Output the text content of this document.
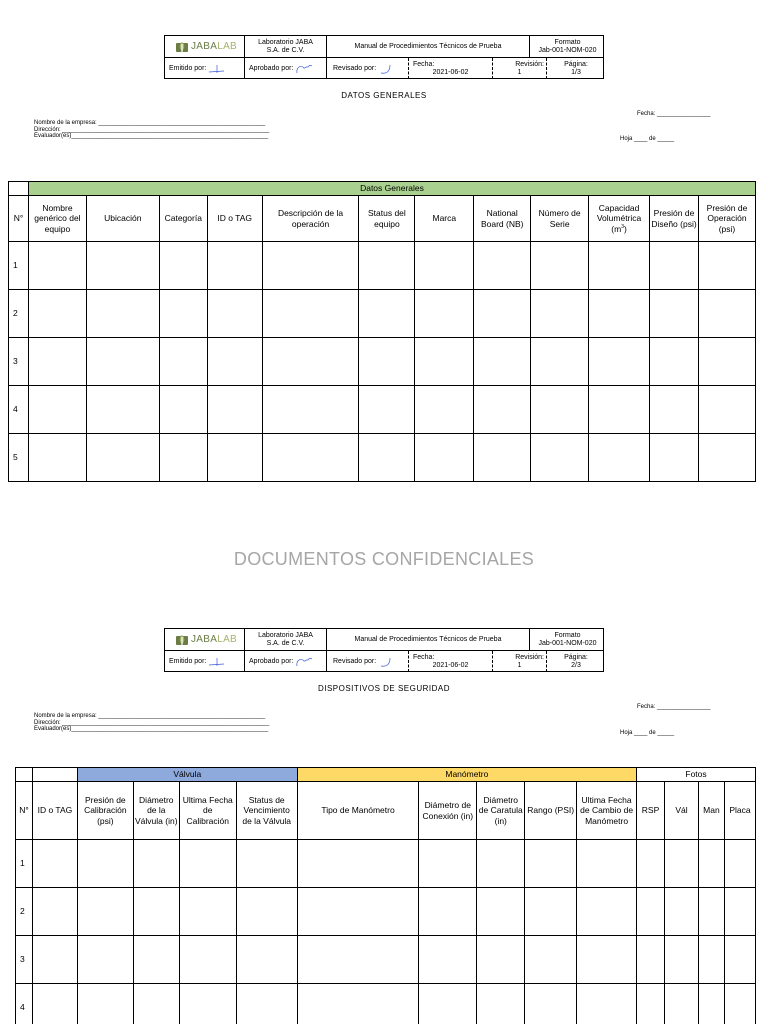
JABALAB	Laboratorio JABA
S.A. de C.V.
Manual de Procedimientos Técnicos de Prueba
Formato
Jab-001-NOM-020
Emitido por:	Aprobado por:	Revisado por:
Fecha:
2021-06-02
Revisión:
1
Página:
1/3
DATOS GENERALES
Fecha: ________________
Nombre de la empresa: __________________________________________________
Dirección: ______________________________________________________________
Evaluador(es)___________________________________________________________	Hoja ____ de _____
	Datos Generales											
N°	Nombre genérico del equipo	Ubicación	Categoría	ID o TAG	Descripción de la operación	Status del equipo	Marca	National Board (NB)	Número de Serie	Capacidad Volumétrica $(m^3)$	Presión de Diseño (psi)	Presión de Operación (psi)
1												
2												
3												
4												
5												
DOCUMENTOS CONFIDENCIALES
JABALAB	Laboratorio JABA
S.A. de C.V.
Manual de Procedimientos Técnicos de Prueba
Formato
Jab-001-NOM-020
Emitido por:	Aprobado por:	Revisado por:
Fecha:
2021-06-02
Revisión:
1
Página:
2/3
DISPOSITIVOS DE SEGURIDAD
Fecha: ________________
Nombre de la empresa: __________________________________________________
Dirección: ______________________________________________________________
Evaluador(es)___________________________________________________________
Hoja ____ de _____
		Válvula				Manómetro					Fotos			
N°	ID o TAG	Presión de Calibración (psi)	Diámetro de la Válvula (in)	Ultima Fecha de Calibración	Status de Vencimiento de la Válvula	Tipo de Manómetro	Diámetro de Conexión (in)	Diámetro de Caratula (in)	Rango (PSI)	Ultima Fecha de Cambio de Manómetro	RSP	Vál	Man	Placa
1														
2														
3														
4														
